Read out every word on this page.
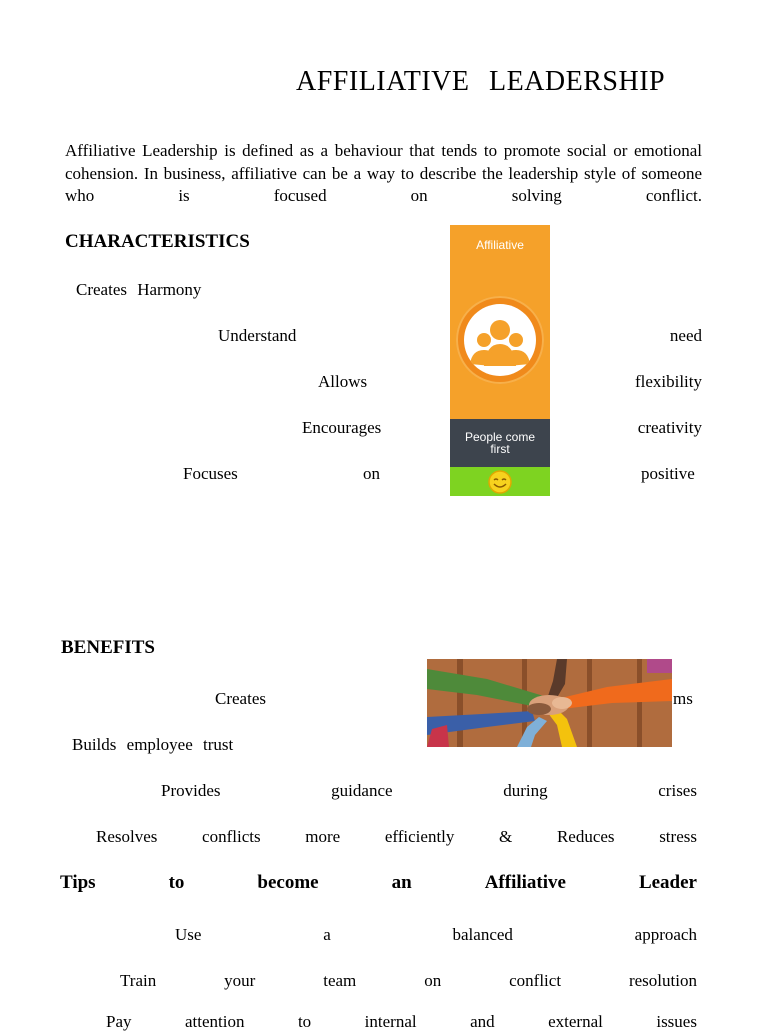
AFFILIATIVE LEADERSHIP
Affiliative Leadership is defined as a behaviour that tends to promote social or emotional cohension. In business, affiliative can be a way to describe the leadership style of someone who is focused on solving conflict.
CHARACTERISTICS
Creates Harmony
Understand	need
Allows	flexibility
Encourages	creativity
Focuses	on	positive
Affiliative
People come
first
BENEFITS
Creates	ms
Builds employee trust
Provides	guidance	during	crises
Resolves	conflicts	more	efficiently	&	Reduces	stress
Tips	to	become	an	Affiliative	Leader
Use	a	balanced	approach
Train	your	team	on	conflict	resolution
Pay	attention	to	internal	and	external	issues
